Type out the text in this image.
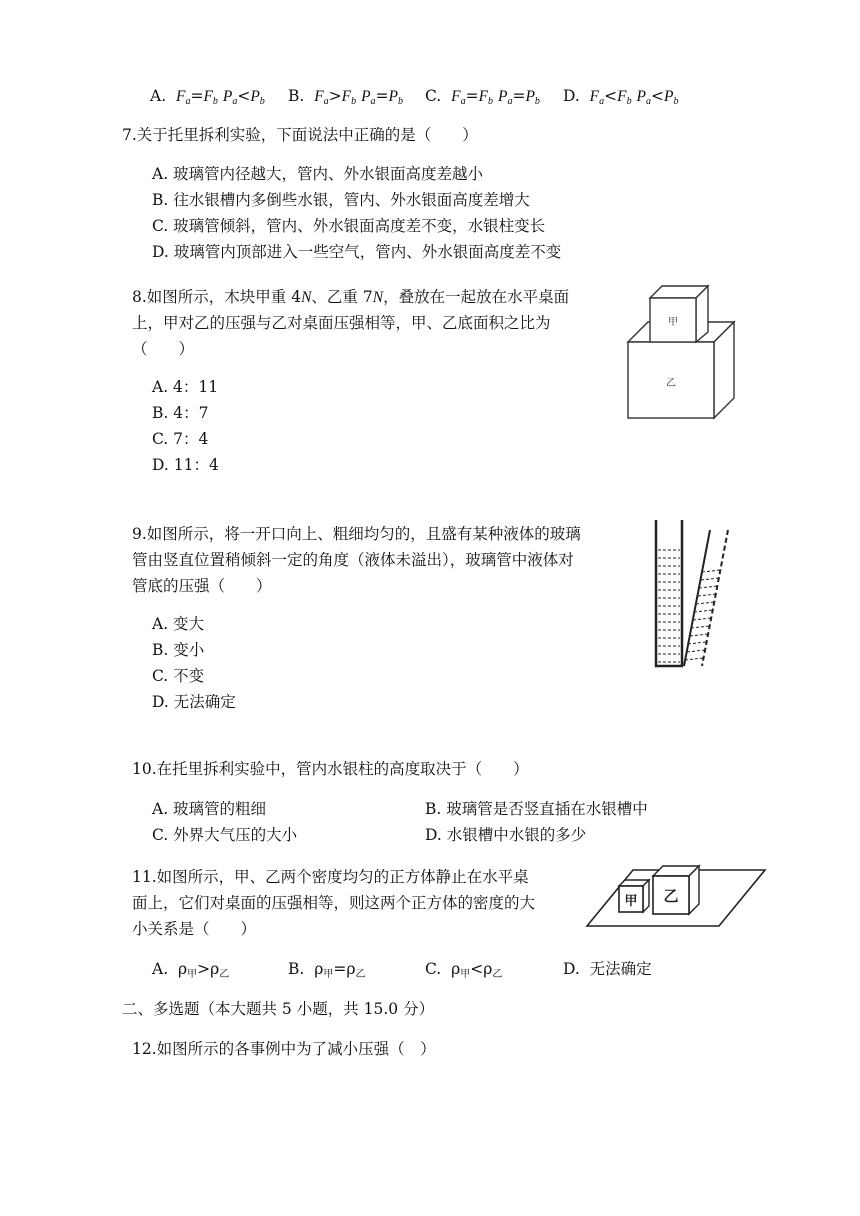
A. $F_a=F_b$ $P_a<P_b$ B. $F_a>F_b$ $P_a=P_b$ C. $F_a=F_b$ $P_a=P_b$ D. $F_a<F_b$ $P_a<P_b$
7.关于托里拆利实验，下面说法中正确的是（　　）
A. 玻璃管内径越大，管内、外水银面高度差越小
B. 往水银槽内多倒些水银，管内、外水银面高度差增大
C. 玻璃管倾斜，管内、外水银面高度差不变，水银柱变长
D. 玻璃管内顶部进入一些空气，管内、外水银面高度差不变
8.如图所示，木块甲重 4N、乙重 7N，叠放在一起放在水平桌面
上，甲对乙的压强与乙对桌面压强相等，甲、乙底面积之比为
（　　）
A. 4：11
B. 4：7
C. 7：4
D. 11：4
甲
乙
9.如图所示，将一开口向上、粗细均匀的，且盛有某种液体的玻璃
管由竖直位置稍倾斜一定的角度（液体未溢出），玻璃管中液体对
管底的压强（　　）
A. 变大
B. 变小
C. 不变
D. 无法确定
10.在托里拆利实验中，管内水银柱的高度取决于（　　）
A. 玻璃管的粗细	B. 玻璃管是否竖直插在水银槽中
C. 外界大气压的大小	D. 水银槽中水银的多少
11.如图所示，甲、乙两个密度均匀的正方体静止在水平桌
面上，它们对桌面的压强相等，则这两个正方体的密度的大
小关系是（　　）
A. $\rho_甲>\rho_乙$	B. $\rho_甲=\rho_乙$	C. $\rho_甲<\rho_乙$	D. 无法确定
甲 乙
二、多选题（本大题共 5 小题，共 15.0 分）
12.如图所示的各事例中为了减小压强（　）
